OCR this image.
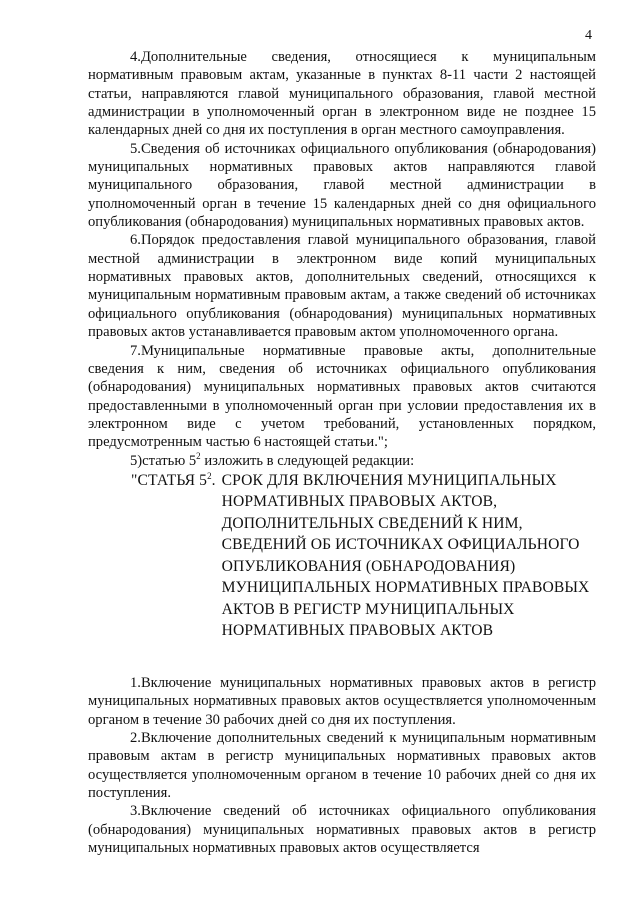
4

4.Дополнительные сведения, относящиеся к муниципальным нормативным правовым актам, указанные в пунктах 8-11 части 2 настоящей статьи, направляются главой муниципального образования, главой местной администрации в уполномоченный орган в электронном виде не позднее 15 календарных дней со дня их поступления в орган местного самоуправления.

5.Сведения об источниках официального опубликования (обнародования) муниципальных нормативных правовых актов направляются главой муниципального образования, главой местной администрации в уполномоченный орган в течение 15 календарных дней со дня официального опубликования (обнародования) муниципальных нормативных правовых актов.

6.Порядок предоставления главой муниципального образования, главой местной администрации в электронном виде копий муниципальных нормативных правовых актов, дополнительных сведений, относящихся к муниципальным нормативным правовым актам, а также сведений об источниках официального опубликования (обнародования) муниципальных нормативных правовых актов устанавливается правовым актом уполномоченного органа.

7.Муниципальные нормативные правовые акты, дополнительные сведения к ним, сведения об источниках официального опубликования (обнародования) муниципальных нормативных правовых актов считаются предоставленными в уполномоченный орган при условии предоставления их в электронном виде с учетом требований, установленных порядком, предусмотренным частью 6 настоящей статьи.";

5)статью $5^2$ изложить в следующей редакции:

"СТАТЬЯ $5^2$. СРОК ДЛЯ ВКЛЮЧЕНИЯ МУНИЦИПАЛЬНЫХ НОРМАТИВНЫХ ПРАВОВЫХ АКТОВ, ДОПОЛНИТЕЛЬНЫХ СВЕДЕНИЙ К НИМ, СВЕДЕНИЙ ОБ ИСТОЧНИКАХ ОФИЦИАЛЬНОГО ОПУБЛИКОВАНИЯ (ОБНАРОДОВАНИЯ) МУНИЦИПАЛЬНЫХ НОРМАТИВНЫХ ПРАВОВЫХ АКТОВ В РЕГИСТР МУНИЦИПАЛЬНЫХ НОРМАТИВНЫХ ПРАВОВЫХ АКТОВ

1.Включение муниципальных нормативных правовых актов в регистр муниципальных нормативных правовых актов осуществляется уполномоченным органом в течение 30 рабочих дней со дня их поступления.

2.Включение дополнительных сведений к муниципальным нормативным правовым актам в регистр муниципальных нормативных правовых актов осуществляется уполномоченным органом в течение 10 рабочих дней со дня их поступления.

3.Включение сведений об источниках официального опубликования (обнародования) муниципальных нормативных правовых актов в регистр муниципальных нормативных правовых актов осуществляется
